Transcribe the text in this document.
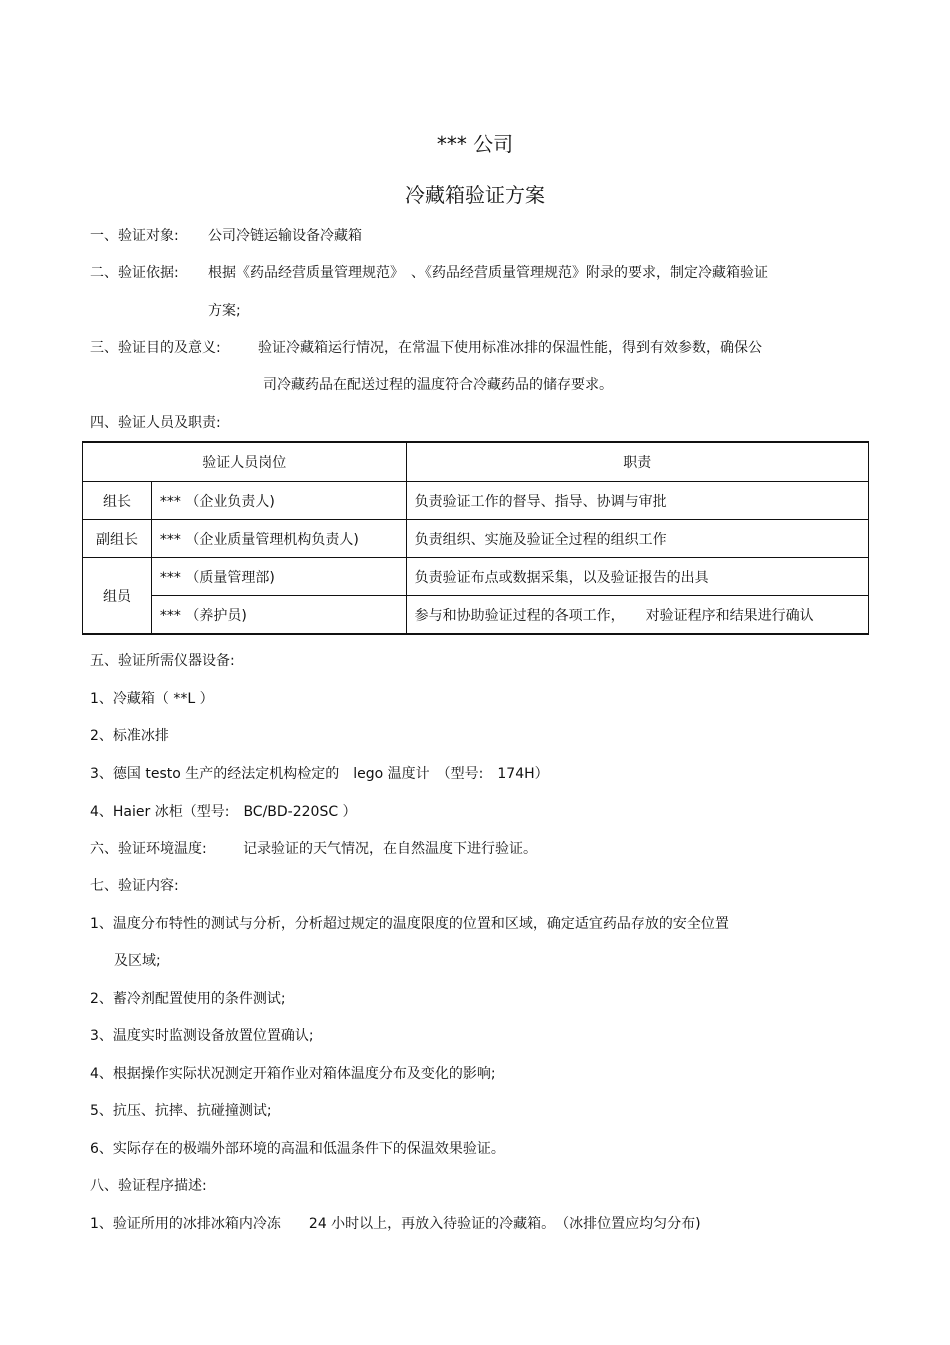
*** 公司
冷藏箱验证方案
一、验证对象: 公司冷链运输设备冷藏箱
二、验证依据: 根据《药品经营质量管理规范》　、《药品经营质量管理规范》附录的要求，制定冷藏箱验证
方案;
三、验证目的及意义:	验证冷藏箱运行情况，在常温下使用标准冰排的保温性能，得到有效参数，确保公
司冷藏药品在配送过程的温度符合冷藏药品的储存要求。
四、验证人员及职责:
验证人员岗位		职责
组长	*** （企业负责人)	负责验证工作的督导、指导、协调与审批
副组长	*** （企业质量管理机构负责人)	负责组织、实施及验证全过程的组织工作
组员	*** （质量管理部)	负责验证布点或数据采集，以及验证报告的出具
	*** （养护员)	参与和协助验证过程的各项工作，　　对验证程序和结果进行确认
五、验证所需仪器设备:
1、冷藏箱（ **L ）
2、标准冰排
3、德国 testo 生产的经法定机构检定的　lego 温度计　（型号:　174H）
4、Haier 冰柜（型号:　BC/BD-220SC ）
六、验证环境温度:	记录验证的天气情况，在自然温度下进行验证。
七、验证内容:
1、温度分布特性的测试与分析，分析超过规定的温度限度的位置和区域，确定适宜药品存放的安全位置
及区域;
2、蓄冷剂配置使用的条件测试;
3、温度实时监测设备放置位置确认;
4、根据操作实际状况测定开箱作业对箱体温度分布及变化的影响;
5、抗压、抗摔、抗碰撞测试;
6、实际存在的极端外部环境的高温和低温条件下的保温效果验证。
八、验证程序描述:
1、验证所用的冰排冰箱内冷冻　　24 小时以上，再放入待验证的冷藏箱。　（冰排位置应均匀分布)
